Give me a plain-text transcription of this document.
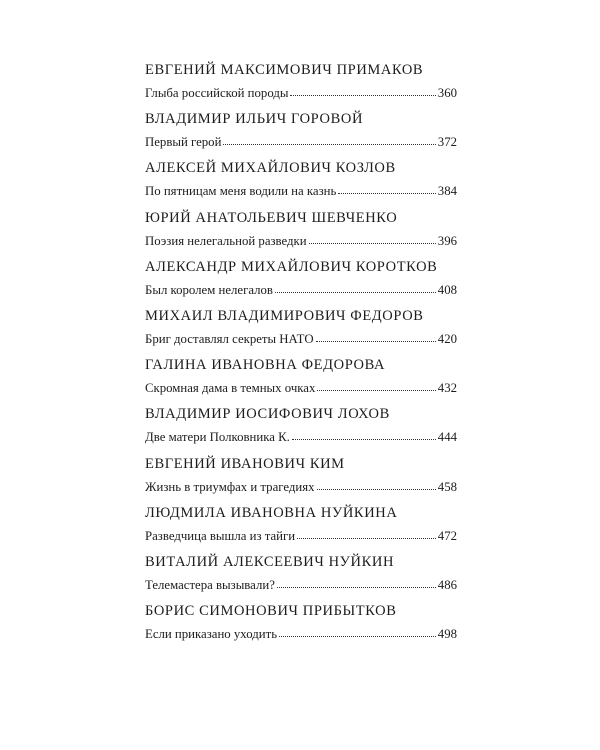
ЕВГЕНИЙ МАКСИМОВИЧ ПРИМАКОВ
Глыба российской породы	360
ВЛАДИМИР ИЛЬИЧ ГОРОВОЙ
Первый герой	372
АЛЕКСЕЙ МИХАЙЛОВИЧ КОЗЛОВ
По пятницам меня водили на казнь	384
ЮРИЙ АНАТОЛЬЕВИЧ ШЕВЧЕНКО
Поэзия нелегальной разведки	396
АЛЕКСАНДР МИХАЙЛОВИЧ КОРОТКОВ
Был королем нелегалов	408
МИХАИЛ ВЛАДИМИРОВИЧ ФЕДОРОВ
Бриг доставлял секреты НАТО	420
ГАЛИНА ИВАНОВНА ФЕДОРОВА
Скромная дама в темных очках	432
ВЛАДИМИР ИОСИФОВИЧ ЛОХОВ
Две матери Полковника К.	444
ЕВГЕНИЙ ИВАНОВИЧ КИМ
Жизнь в триумфах и трагедиях	458
ЛЮДМИЛА ИВАНОВНА НУЙКИНА
Разведчица вышла из тайги	472
ВИТАЛИЙ АЛЕКСЕЕВИЧ НУЙКИН
Телемастера вызывали?	486
БОРИС СИМОНОВИЧ ПРИБЫТКОВ
Если приказано уходить	498
